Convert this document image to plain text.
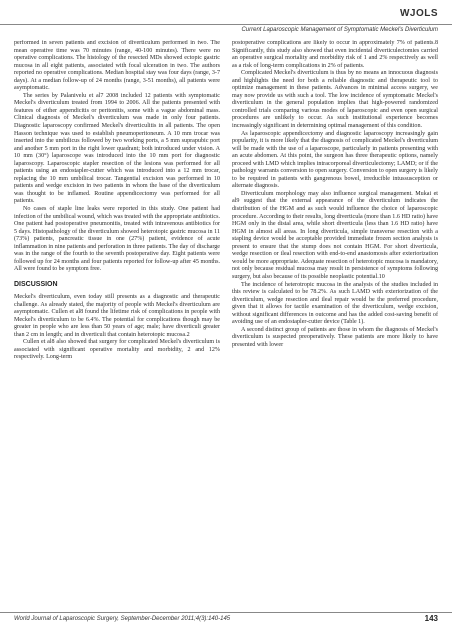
WJOLS
Current Laparoscopic Management of Symptomatic Meckel's Diverticulum

performed in seven patients and excision of diverticulum performed in two. The mean operative time was 70 minutes (range, 40-100 minutes). There were no operative complications. The histology of the resected MDs showed ectopic gastric mucosa in all eight patients, associated with focal ulceration in two. The authors reported no operative complications. Median hospital stay was four days (range, 3-7 days). At a median follow-up of 24 months (range, 3-51 months), all patients were asymptomatic.

The series by Palanivelu et al7 2008 included 12 patients with symptomatic Meckel's diverticulum treated from 1994 to 2006. All the patients presented with features of either appendicitis or peritonitis, some with a vague abdominal mass. Clinical diagnosis of Meckel's diverticulum was made in only four patients. Diagnostic laparoscopy confirmed Meckel's diverticulitis in all patients. The open Hasson technique was used to establish pneumoperitoneum. A 10 mm trocar was inserted into the umbilicus followed by two working ports, a 5 mm suprapubic port and another 5 mm port in the right lower quadrant; both introduced under vision. A 10 mm (30°) laparoscope was introduced into the 10 mm port for diagnostic laparoscopy. Laparoscopic stapler resection of the lesions was performed for all patients using an endostapler-cutter which was introduced into a 12 mm trocar, replacing the 10 mm umbilical trocar. Tangential excision was performed in 10 patients and wedge excision in two patients in whom the base of the diverticulum was thought to be inflamed. Routine appendicectomy was performed for all patients.

No cases of staple line leaks were reported in this study. One patient had infection of the umbilical wound, which was treated with the appropriate antibiotics. One patient had postoperative pneumonitis, treated with intravenous antibiotics for 5 days. Histopathology of the diverticulum showed heterotopic gastric mucosa in 11 (73%) patients, pancreatic tissue in one (27%) patient, evidence of acute inflammation in nine patients and perforation in three patients. The day of discharge was in the range of the fourth to the seventh postoperative day. Eight patients were followed up for 24 months and four patients reported for follow-up after 45 months. All were found to be symptom free.

DISCUSSION

Meckel's diverticulum, even today still presents as a diagnostic and therapeutic challenge. As already stated, the majority of people with Meckel's diverticulum are asymptomatic. Cullen et al8 found the lifetime risk of complications in people with Meckel's diverticulum to be 6.4%. The potential for complications though may be greater in people who are less than 50 years of age; male; have diverticuli greater than 2 cm in length; and in diverticuli that contain heterotopic mucosa.2

Cullen et al8 also showed that surgery for complicated Meckel's diverticulum is associated with significant operative mortality and morbidity, 2 and 12% respectively. Long-term

postoperative complications are likely to occur in approximately 7% of patients.8 Significantly, this study also showed that even incidental diverticulectomies carried an operative surgical mortality and morbidity risk of 1 and 2% respectively as well as a risk of long-term complications in 2% of patients.

Complicated Meckel's diverticulum is thus by no means an innocuous diagnosis and highlights the need for both a reliable diagnostic and therapeutic tool to optimize management in these patients. Advances in minimal access surgery, we may now provide us with such a tool. The low incidence of symptomatic Meckel's diverticulum in the general population implies that high-powered randomized controlled trials comparing various modes of laparoscopic and even open surgical procedures are unlikely to occur. As such institutional experience becomes increasingly significant in determining optimal management of this condition.

As laparoscopic appendicectomy and diagnostic laparoscopy increasingly gain popularity, it is more likely that the diagnosis of complicated Meckel's diverticulum will be made with the use of a laparoscope, particularly in patients presenting with an acute abdomen. At this point, the surgeon has three therapeutic options, namely proceed with LMD which implies intracorporeal diverticulectomy; LAMD; or if the pathology warrants conversion to open surgery. Conversion to open surgery is likely to be required in patients with gangrenous bowel, irreducible intussusception or alternate diagnosis.

Diverticulum morphology may also influence surgical management. Mukai et al9 suggest that the external appearance of the diverticulum indicates the distribution of the HGM and as such would influence the choice of laparoscopic procedure. According to their results, long diverticula (more than 1.6 HD ratio) have HGM only in the distal area, while short diverticula (less than 1.6 HD ratio) have HGM in almost all areas. In long diverticula, simple transverse resection with a stapling device would be acceptable provided immediate frozen section analysis is present to ensure that the stump does not contain HGM. For short diverticula, wedge resection or ileal resection with end-to-end anastomosis after exteriorization would be more appropriate. Adequate resection of heterotopic mucosa is mandatory, not only because residual mucosa may result in persistence of symptoms following surgery, but also because of its possible neoplastic potential.10

The incidence of heterotropic mucosa in the analysis of the studies included in this review is calculated to be 78.2%. As such LAMD with exteriorization of the diverticulum, wedge resection and ileal repair would be the preferred procedure, given that it allows for tactile examination of the diverticulum, wedge excision, without significant differences in outcome and has the added cost-saving benefit of avoiding use of an endostapler-cutter device (Table 1).

A second distinct group of patients are those in whom the diagnosis of Meckel's diverticulum is suspected preoperatively. These patients are more likely to have presented with lower

World Journal of Laparoscopic Surgery, September-December 2011;4(3):140-145	143
